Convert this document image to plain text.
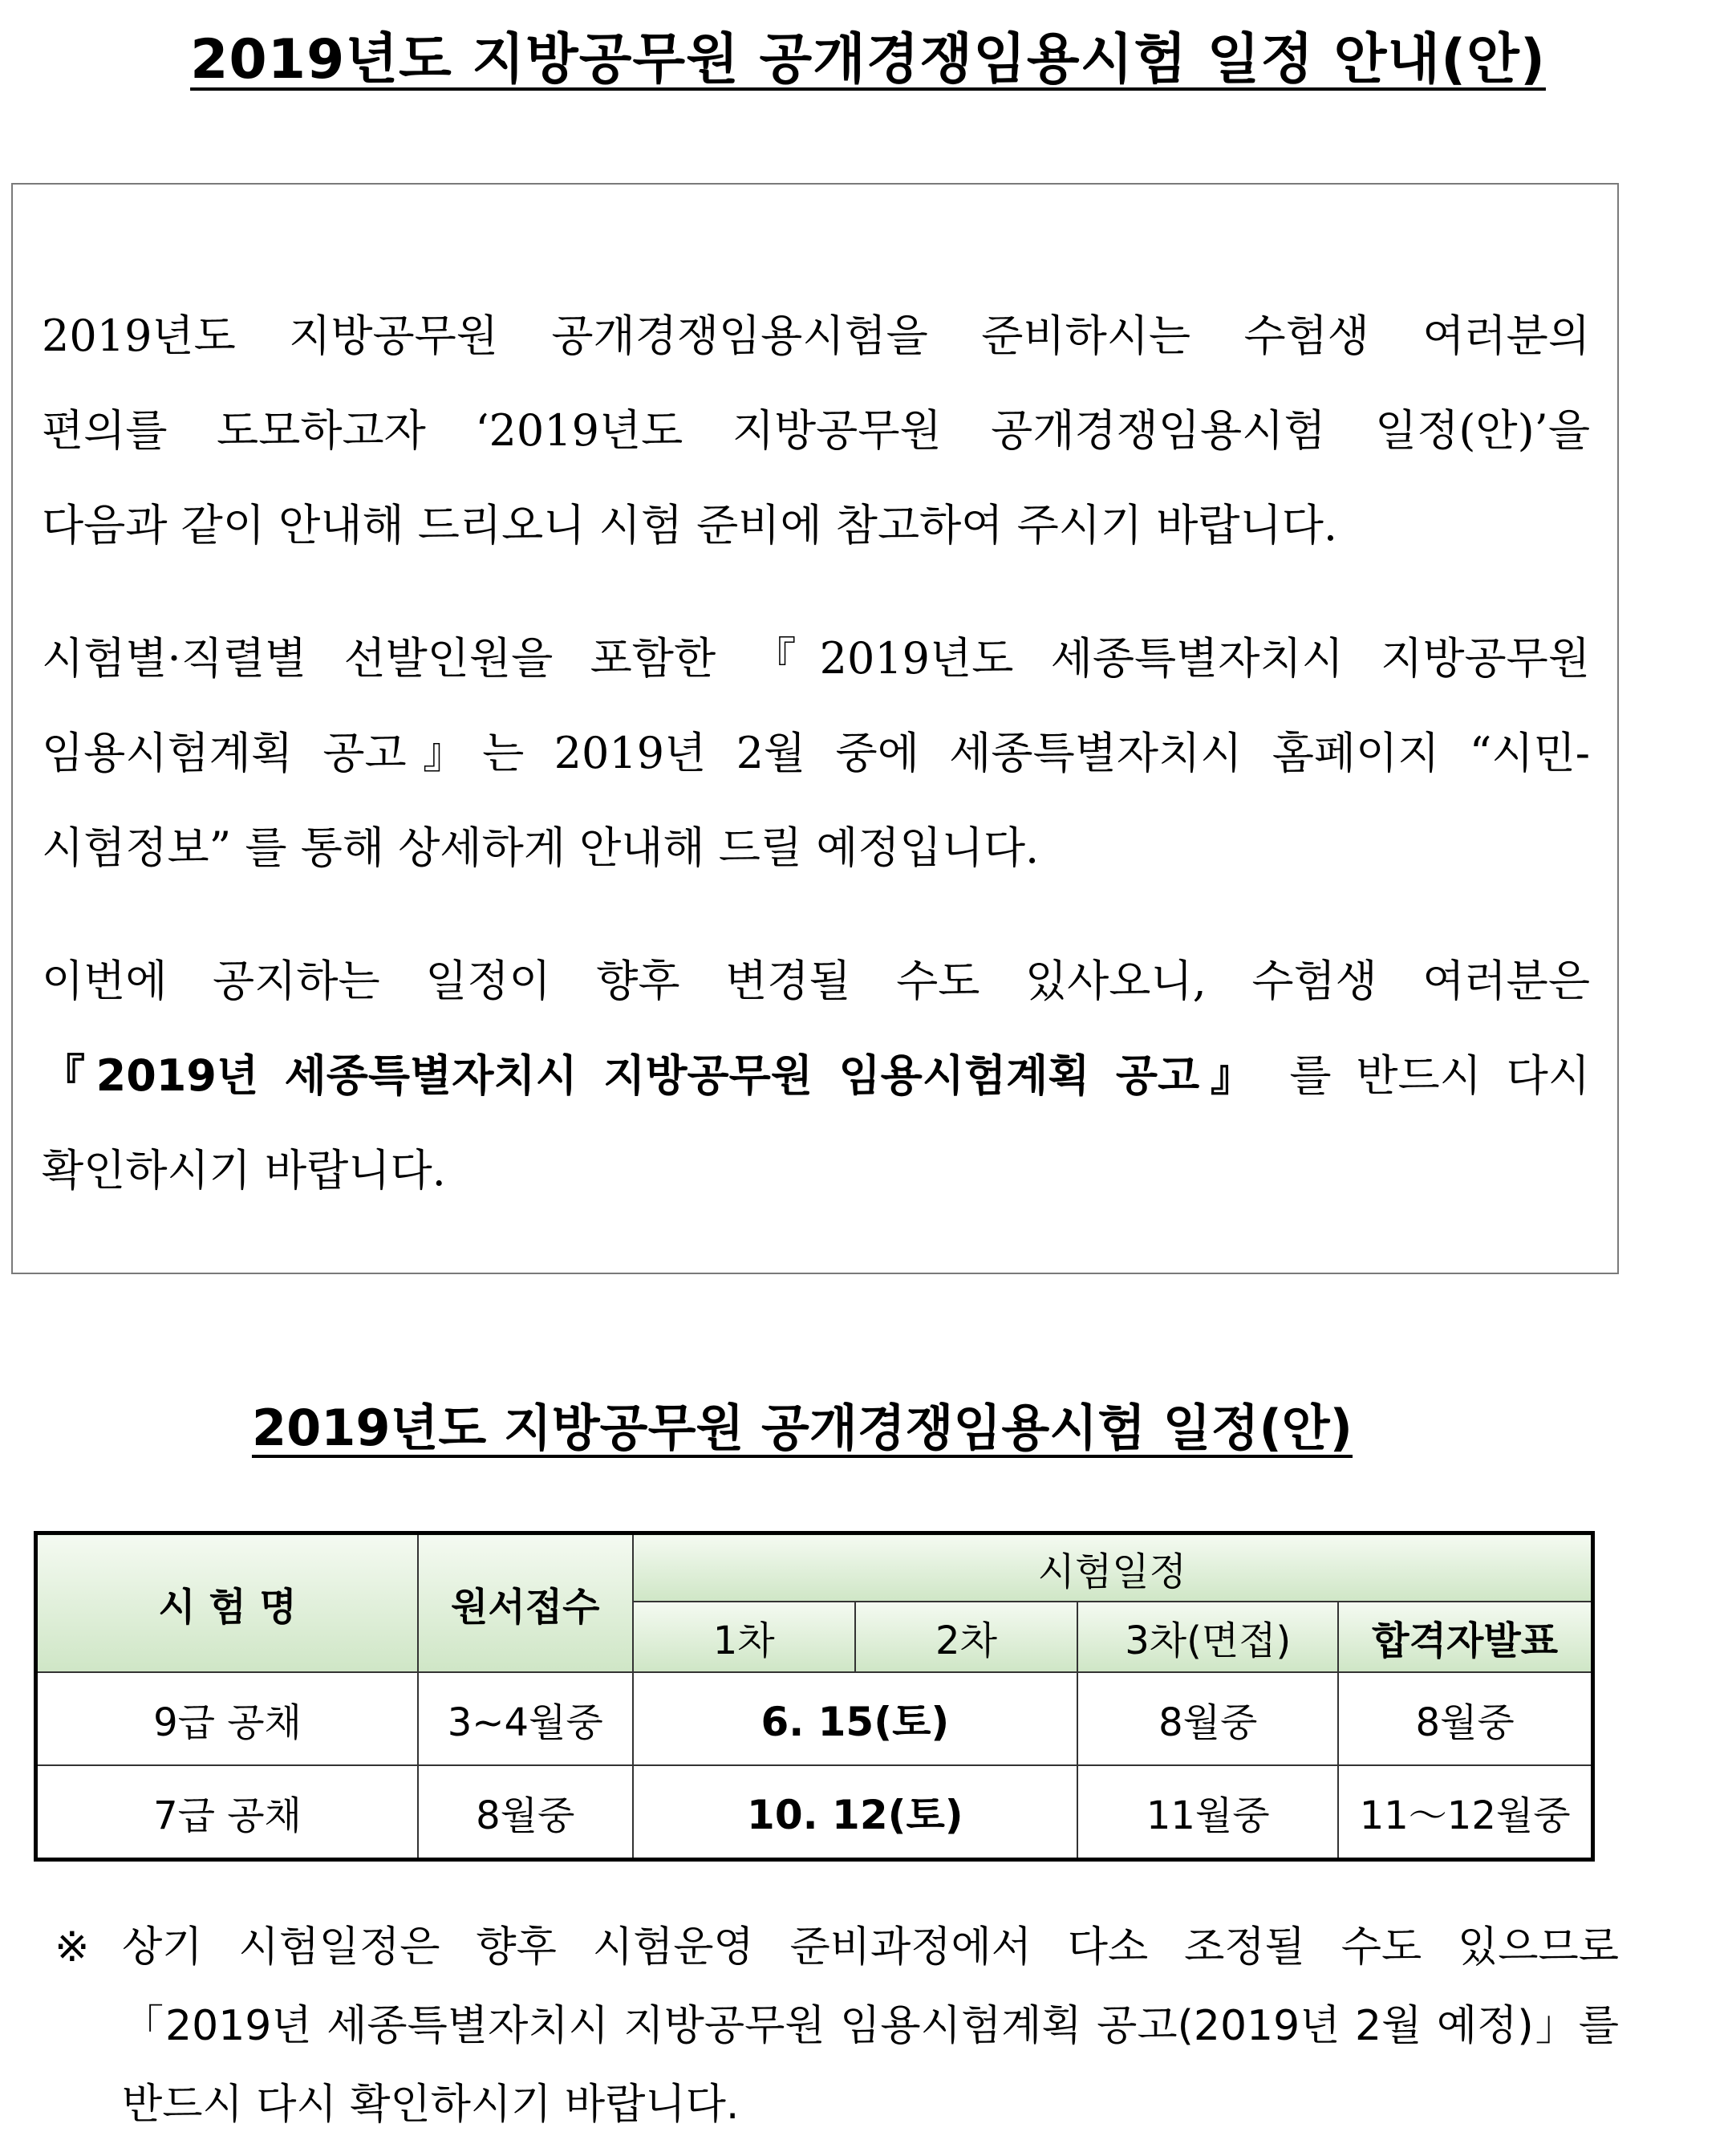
2019년도 지방공무원 공개경쟁임용시험 일정 안내(안)

2019년도 지방공무원 공개경쟁임용시험을 준비하시는 수험생 여러분의
편의를 도모하고자 ‘2019년도 지방공무원 공개경쟁임용시험 일정(안)’을
다음과 같이 안내해 드리오니 시험 준비에 참고하여 주시기 바랍니다.

시험별·직렬별 선발인원을 포함한 『2019년도 세종특별자치시 지방공무원
임용시험계획 공고』는 2019년 2월 중에 세종특별자치시 홈페이지 “시민-
시험정보” 를 통해 상세하게 안내해 드릴 예정입니다.

이번에 공지하는 일정이 향후 변경될 수도 있사오니, 수험생 여러분은
『2019년 세종특별자치시 지방공무원 임용시험계획 공고』 를 반드시 다시
확인하시기 바랍니다.

2019년도 지방공무원 공개경쟁임용시험 일정(안)
시 험 명	원서접수	시험일정			
		1차	2차	3차(면접)	합격자발표
9급 공채	3~4월중	6. 15(토)		8월중	8월중
7급 공채	8월중	10. 12(토)		11월중	11～12월중
※ 상기 시험일정은 향후 시험운영 준비과정에서 다소 조정될 수도 있으므로
「2019년 세종특별자치시 지방공무원 임용시험계획 공고(2019년 2월 예정)」를
반드시 다시 확인하시기 바랍니다.
